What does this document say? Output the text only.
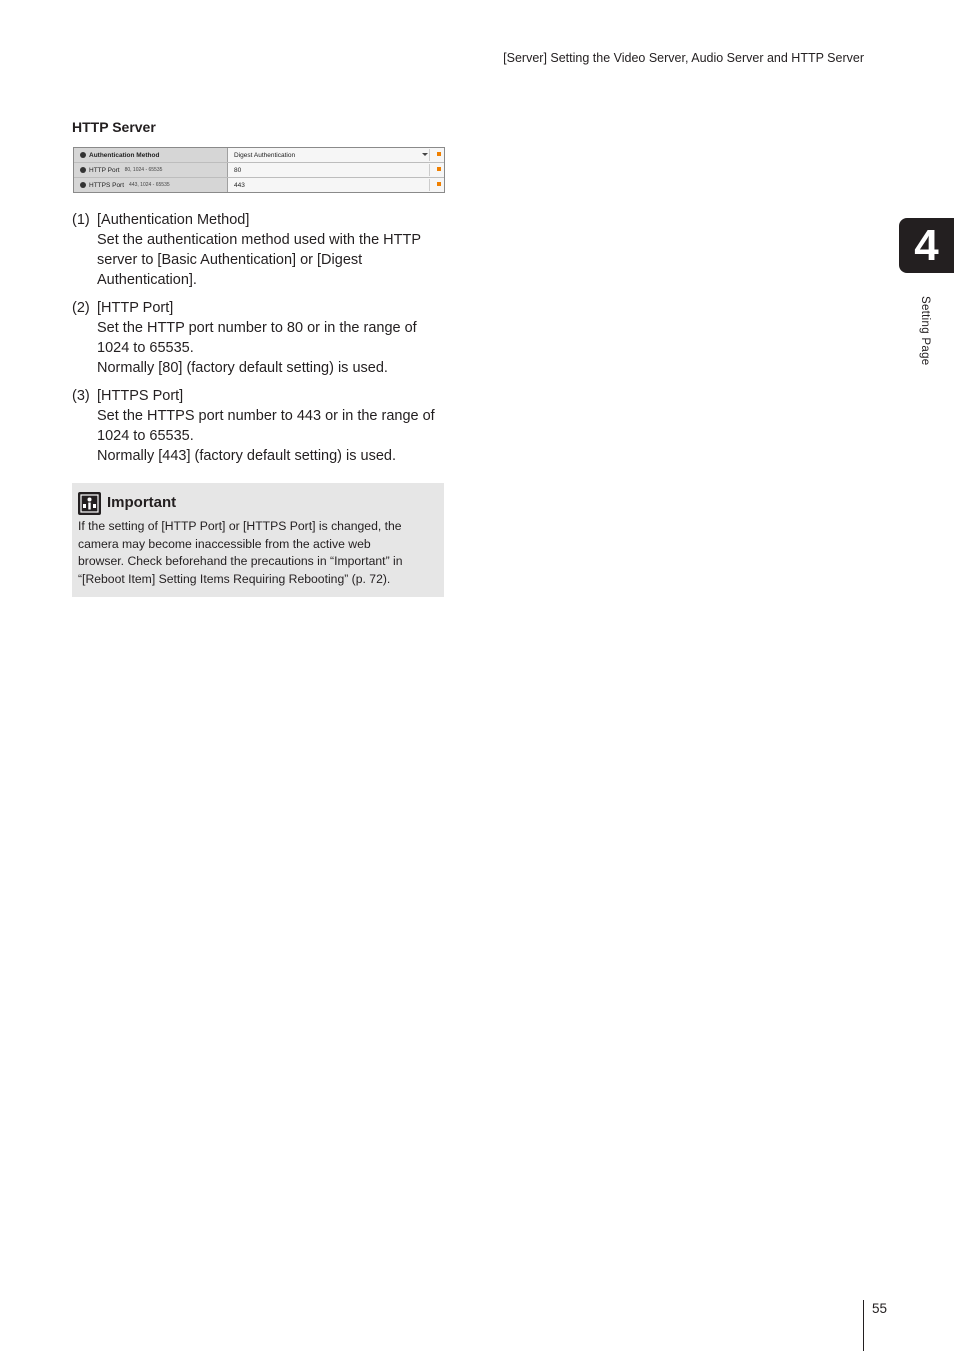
[Server] Setting the Video Server, Audio Server and HTTP Server
HTTP Server
Authentication Method	Digest Authentication
HTTP Port 80, 1024 - 65535	80
HTTPS Port 443, 1024 - 65535	443
(1) [Authentication Method]

Set the authentication method used with the HTTP

server to [Basic Authentication] or [Digest

Authentication].

(2) [HTTP Port]

Set the HTTP port number to 80 or in the range of

1024 to 65535.

Normally [80] (factory default setting) is used.

(3) [HTTPS Port]

Set the HTTPS port number to 443 or in the range of

1024 to 65535.

Normally [443] (factory default setting) is used.

Important
If the setting of [HTTP Port] or [HTTPS Port] is changed, the
camera may become inaccessible from the active web
browser. Check beforehand the precautions in “Important” in
“[Reboot Item] Setting Items Requiring Rebooting” (p. 72).
4
Setting Page
55
